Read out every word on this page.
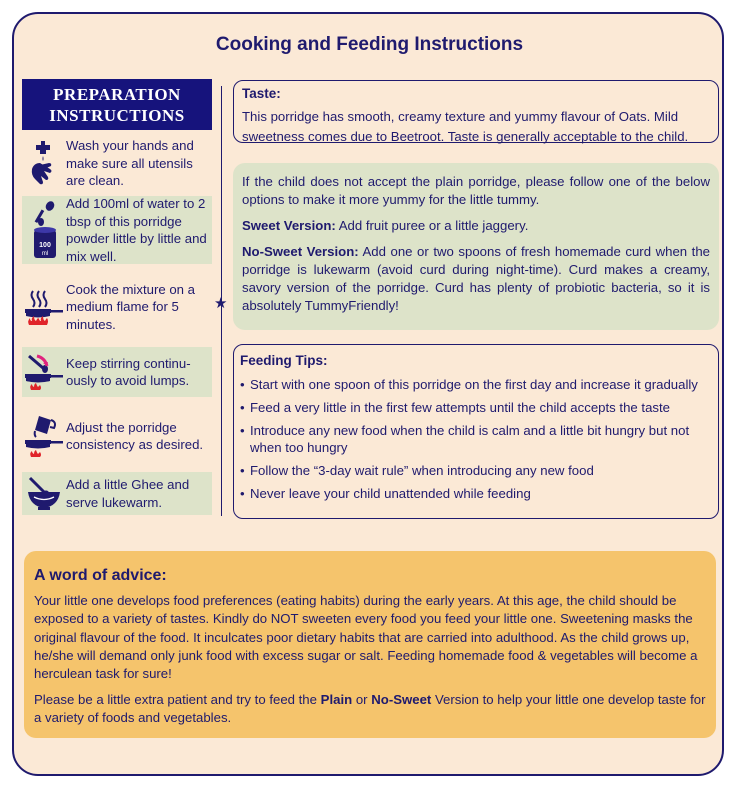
Cooking and Feeding Instructions
PREPARATION
INSTRUCTIONS
Wash your hands and make sure all utensils are clean.
100
ml
Add 100ml of water to 2 tbsp of this porridge powder little by little and mix well.
Cook the mixture on a medium flame for 5 minutes.
Keep stirring continu-ously to avoid lumps.
Adjust the porridge consistency as desired.
Add a little Ghee and serve lukewarm.
★
Taste:

This porridge has smooth, creamy texture and yummy flavour of Oats. Mild sweetness comes due to Beetroot. Taste is generally acceptable to the child.

If the child does not accept the plain porridge, please follow one of the below options to make it more yummy for the little tummy.

Sweet Version: Add fruit puree or a little jaggery.

No-Sweet Version: Add one or two spoons of fresh homemade curd when the porridge is lukewarm (avoid curd during night-time). Curd makes a creamy, savory version of the porridge. Curd has plenty of probiotic bacteria, so it is absolutely TummyFriendly!

Feeding Tips:
• Start with one spoon of this porridge on the first day and increase it gradually
• Feed a very little in the first few attempts until the child accepts the taste
• Introduce any new food when the child is calm and a little bit hungry but not when too hungry
• Follow the “3-day wait rule” when introducing any new food
• Never leave your child unattended while feeding
A word of advice:

Your little one develops food preferences (eating habits) during the early years. At this age, the child should be exposed to a variety of tastes. Kindly do NOT sweeten every food you feed your little one. Sweetening masks the original flavour of the food. It inculcates poor dietary habits that are carried into adulthood. As the child grows up, he/she will demand only junk food with excess sugar or salt. Feeding homemade food & vegetables will become a herculean task for sure!

Please be a little extra patient and try to feed the Plain or No-Sweet Version to help your little one develop taste for a variety of foods and vegetables.
